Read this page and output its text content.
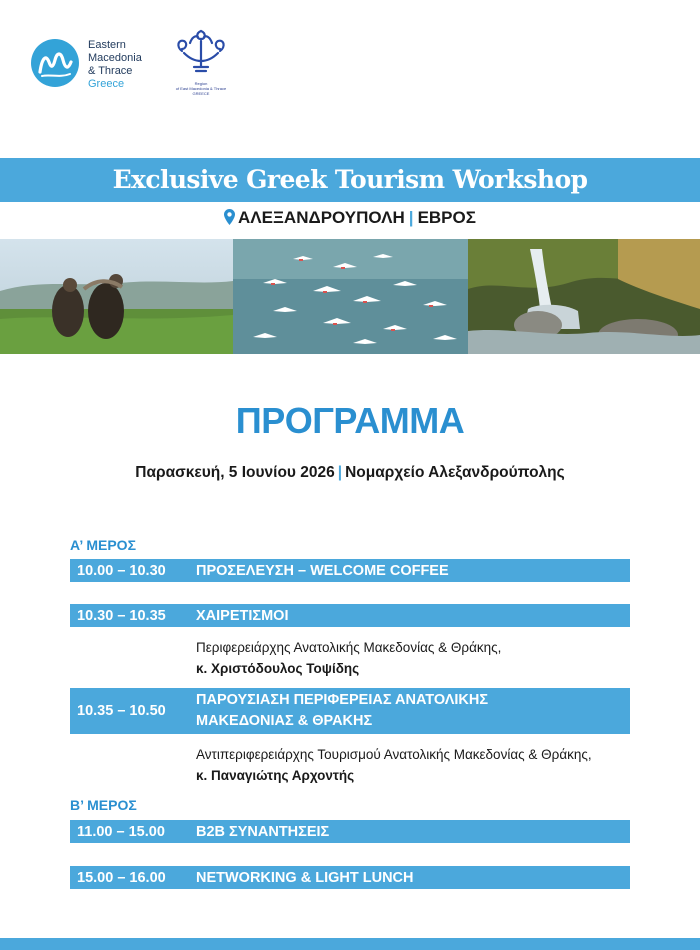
Eastern
Macedonia
& Thrace
Greece	Region
of East Macedonia & Thrace
GREECE
Exclusive Greek Tourism Workshop
ΑΛΕΞΑΝΔΡΟΥΠΟΛΗ | ΕΒΡΟΣ
ΠΡΟΓΡΑΜΜΑ
Παρασκευή, 5 Ιουνίου 2026 | Νομαρχείο Αλεξανδρούπολης
Α’ ΜΕΡΟΣ
10.00 – 10.30 ΠΡΟΣΕΛΕΥΣΗ – WELCOME COFFEE
10.30 – 10.35 ΧΑΙΡΕΤΙΣΜΟΙ
Περιφερειάρχης Ανατολικής Μακεδονίας & Θράκης,
κ. Χριστόδουλος Τοψίδης
10.35 – 10.50
ΠΑΡΟΥΣΙΑΣΗ ΠΕΡΙΦΕΡΕΙΑΣ ΑΝΑΤΟΛΙΚΗΣ
ΜΑΚΕΔΟΝΙΑΣ & ΘΡΑΚΗΣ
Αντιπεριφερειάρχης Τουρισμού Ανατολικής Μακεδονίας & Θράκης,
κ. Παναγιώτης Αρχοντής
Β’ ΜΕΡΟΣ
11.00 – 15.00 B2B ΣΥΝΑΝΤΗΣΕΙΣ
15.00 – 16.00 NETWORKING & LIGHT LUNCH
